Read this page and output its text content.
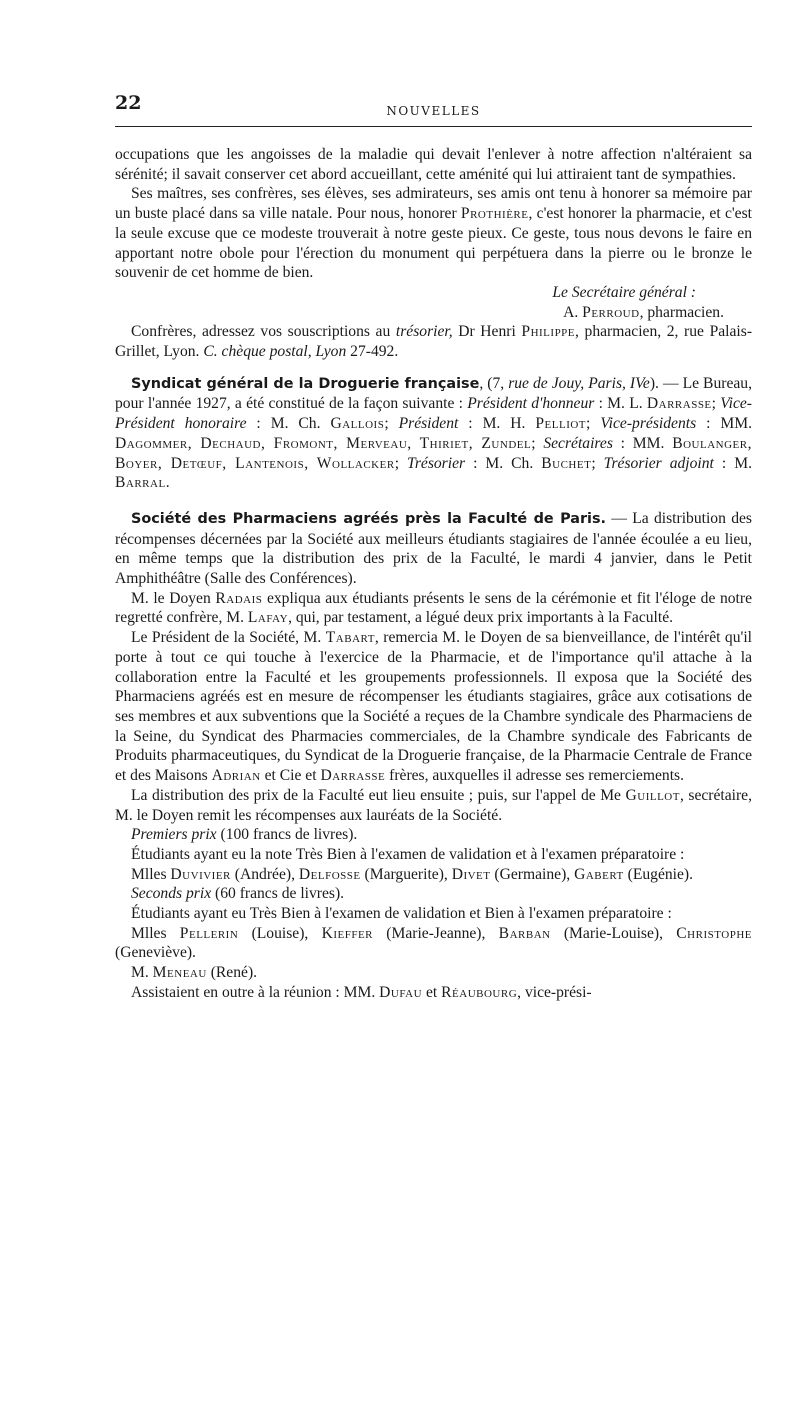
22	NOUVELLES

occupations que les angoisses de la maladie qui devait l'enlever à notre affection n'altéraient sa sérénité; il savait conserver cet abord accueillant, cette aménité qui lui attiraient tant de sympathies.

Ses maîtres, ses confrères, ses élèves, ses admirateurs, ses amis ont tenu à honorer sa mémoire par un buste placé dans sa ville natale. Pour nous, honorer Prothière, c'est honorer la pharmacie, et c'est la seule excuse que ce modeste trouverait à notre geste pieux. Ce geste, tous nous devons le faire en apportant notre obole pour l'érection du monument qui perpétuera dans la pierre ou le bronze le souvenir de cet homme de bien.

Le Secrétaire général :

A. Perroud, pharmacien.

Confrères, adressez vos souscriptions au trésorier, Dr Henri Philippe, pharmacien, 2, rue Palais-Grillet, Lyon. C. chèque postal, Lyon 27-492.

Syndicat général de la Droguerie française, (7, rue de Jouy, Paris, IVe). — Le Bureau, pour l'année 1927, a été constitué de la façon suivante : Président d'honneur : M. L. Darrasse; Vice-Président honoraire : M. Ch. Gallois; Président : M. H. Pelliot; Vice-présidents : MM. Dagommer, Dechaud, Fromont, Merveau, Thiriet, Zundel; Secrétaires : MM. Boulanger, Boyer, Detœuf, Lantenois, Wollacker; Trésorier : M. Ch. Buchet; Trésorier adjoint : M. Barral.

Société des Pharmaciens agréés près la Faculté de Paris. — La distribution des récompenses décernées par la Société aux meilleurs étudiants stagiaires de l'année écoulée a eu lieu, en même temps que la distribution des prix de la Faculté, le mardi 4 janvier, dans le Petit Amphithéâtre (Salle des Conférences).

M. le Doyen Radais expliqua aux étudiants présents le sens de la cérémonie et fit l'éloge de notre regretté confrère, M. Lafay, qui, par testament, a légué deux prix importants à la Faculté.

Le Président de la Société, M. Tabart, remercia M. le Doyen de sa bienveillance, de l'intérêt qu'il porte à tout ce qui touche à l'exercice de la Pharmacie, et de l'importance qu'il attache à la collaboration entre la Faculté et les groupements professionnels. Il exposa que la Société des Pharmaciens agréés est en mesure de récompenser les étudiants stagiaires, grâce aux cotisations de ses membres et aux subventions que la Société a reçues de la Chambre syndicale des Pharmaciens de la Seine, du Syndicat des Pharmacies commerciales, de la Chambre syndicale des Fabricants de Produits pharmaceutiques, du Syndicat de la Droguerie française, de la Pharmacie Centrale de France et des Maisons Adrian et Cie et Darrasse frères, auxquelles il adresse ses remerciements.

La distribution des prix de la Faculté eut lieu ensuite ; puis, sur l'appel de Me Guillot, secrétaire, M. le Doyen remit les récompenses aux lauréats de la Société.

Premiers prix (100 francs de livres).

Étudiants ayant eu la note Très Bien à l'examen de validation et à l'examen préparatoire :

Mlles Duvivier (Andrée), Delfosse (Marguerite), Divet (Germaine), Gabert (Eugénie).

Seconds prix (60 francs de livres).

Étudiants ayant eu Très Bien à l'examen de validation et Bien à l'examen préparatoire :

Mlles Pellerin (Louise), Kieffer (Marie-Jeanne), Barban (Marie-Louise), Christophe (Geneviève).

M. Meneau (René).

Assistaient en outre à la réunion : MM. Dufau et Réaubourg, vice-prési-
